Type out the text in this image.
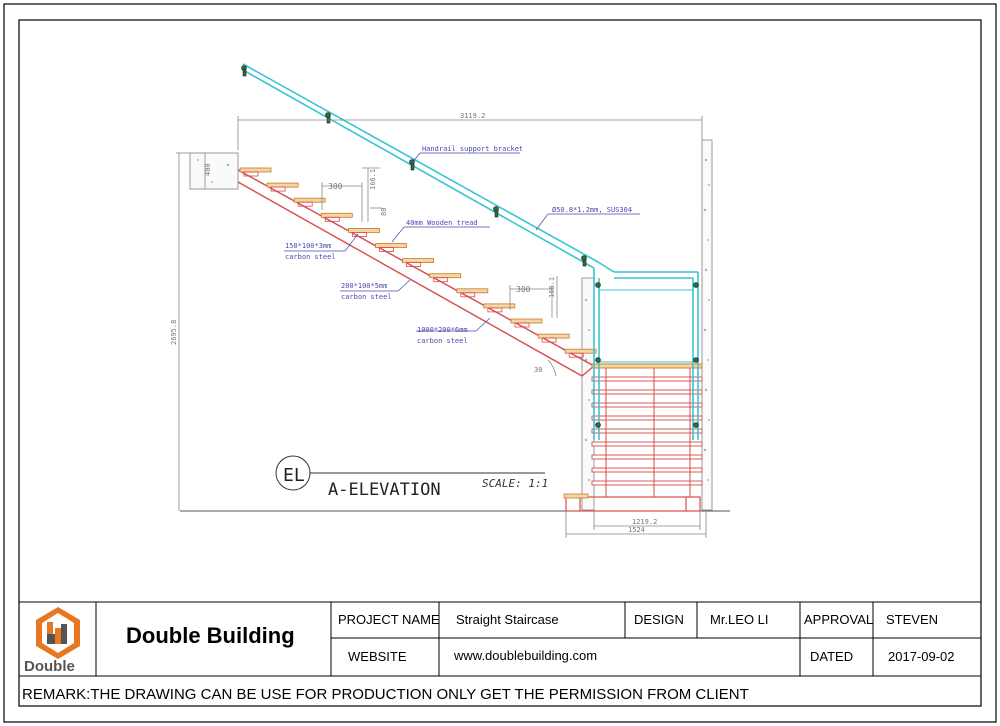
3119.2
2695.8
400
300	166.1
80
300	166.1
1219.2
1524
30
Handrail support bracket
Ø50.8*1.2mm, SUS304
40mm Wooden tread
150*100*3mm
carbon steel
200*100*5mm
carbon steel
1000*200*6mm
carbon steel
EL
A-ELEVATION	SCALE: 1:1
Double
Double Building
PROJECT NAME Straight Staircase	DESIGN Mr.LEO LI	APPROVAL STEVEN
WEBSITE	www.doublebuilding.com	DATED	2017-09-02
REMARK:THE DRAWING CAN BE USE FOR PRODUCTION ONLY GET THE PERMISSION FROM CLIENT
